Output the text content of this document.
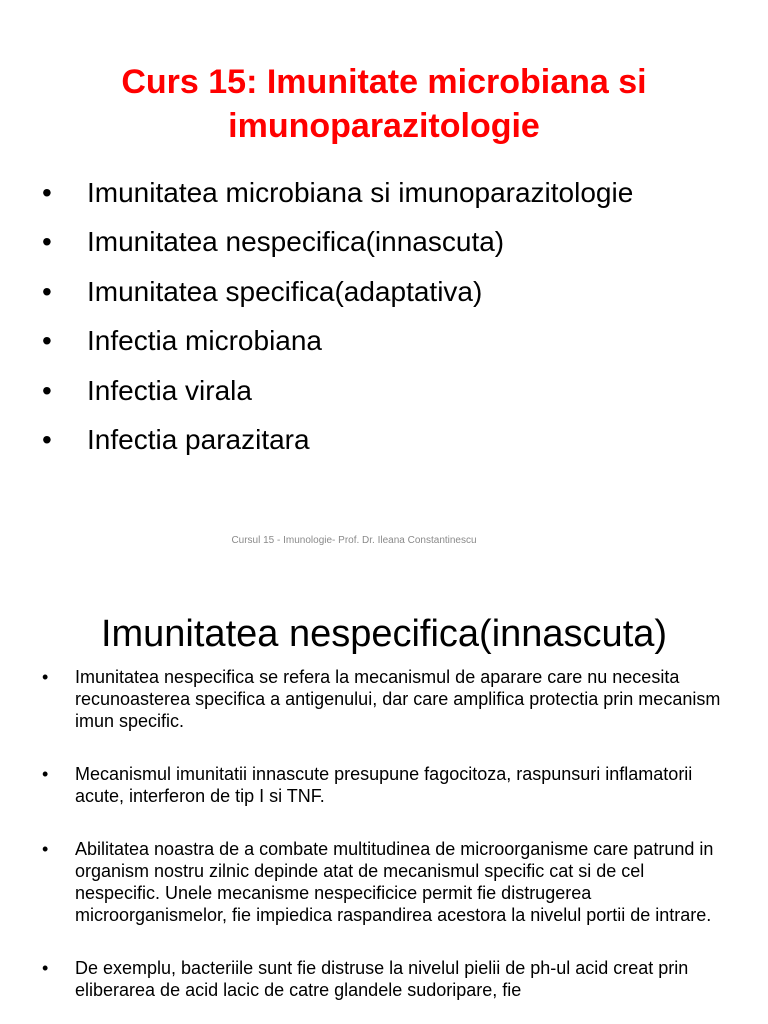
Curs 15: Imunitate microbiana si imunoparazitologie
•	Imunitatea microbiana si imunoparazitologie
•	Imunitatea nespecifica(innascuta)
•	Imunitatea specifica(adaptativa)
•	Infectia microbiana
•	Infectia virala
•	Infectia parazitara
Cursul 15 - Imunologie- Prof. Dr. Ileana Constantinescu
Imunitatea nespecifica(innascuta)
• Imunitatea nespecifica se refera la mecanismul de aparare care nu necesita recunoasterea specifica a antigenului, dar care amplifica protectia prin mecanism imun specific.
• Mecanismul imunitatii innascute presupune fagocitoza, raspunsuri inflamatorii acute, interferon de tip I si TNF.
• Abilitatea noastra de a combate multitudinea de microorganisme care patrund in organism nostru zilnic depinde atat de mecanismul specific cat si de cel nespecific. Unele mecanisme nespecificice permit fie distrugerea microorganismelor, fie impiedica raspandirea acestora la nivelul portii de intrare.
• De exemplu, bacteriile sunt fie distruse la nivelul pielii de ph-ul acid creat prin eliberarea de acid lacic de catre glandele sudoripare, fie
